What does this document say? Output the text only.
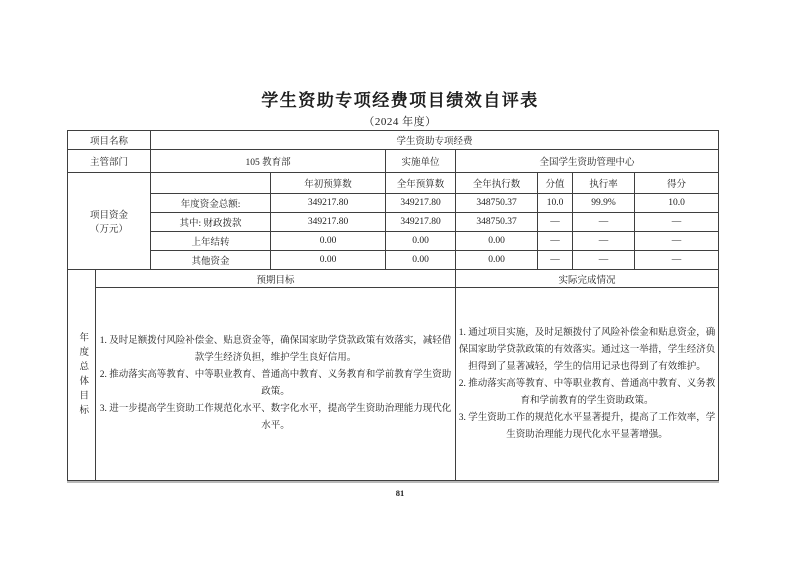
学生资助专项经费项目绩效自评表
（2024 年度）
项目名称		学生资助专项经费						
主管部门		105 教育部		实施单位	全国学生资助管理中心			
项目资金
（万元）			年初预算数	全年预算数	全年执行数	分值	执行率	得分
		年度资金总额:	349217.80	349217.80	348750.37	10.0	99.9%	10.0
		其中: 财政拨款	349217.80	349217.80	348750.37	—	—	—
		上年结转	0.00	0.00	0.00	—	—	—
		其他资金	0.00	0.00	0.00	—	—	—

年度总体目标	预期目标				实际完成情况			

1. 及时足额拨付风险补偿金、贴息资金等，确保国家助学贷款政策有效落实，减轻借款学生经济负担，维护学生良好信用。

2. 推动落实高等教育、中等职业教育、普通高中教育、义务教育和学前教育学生资助政策。

3. 进一步提高学生资助工作规范化水平、数字化水平，提高学生资助治理能力现代化水平。

1. 通过项目实施，及时足额拨付了风险补偿金和贴息资金，确保国家助学贷款政策的有效落实。通过这一举措，学生经济负担得到了显著减轻，学生的信用记录也得到了有效维护。

2. 推动落实高等教育、中等职业教育、普通高中教育、义务教育和学前教育的学生资助政策。

3. 学生资助工作的规范化水平显著提升，提高了工作效率，学生资助治理能力现代化水平显著增强。

81
